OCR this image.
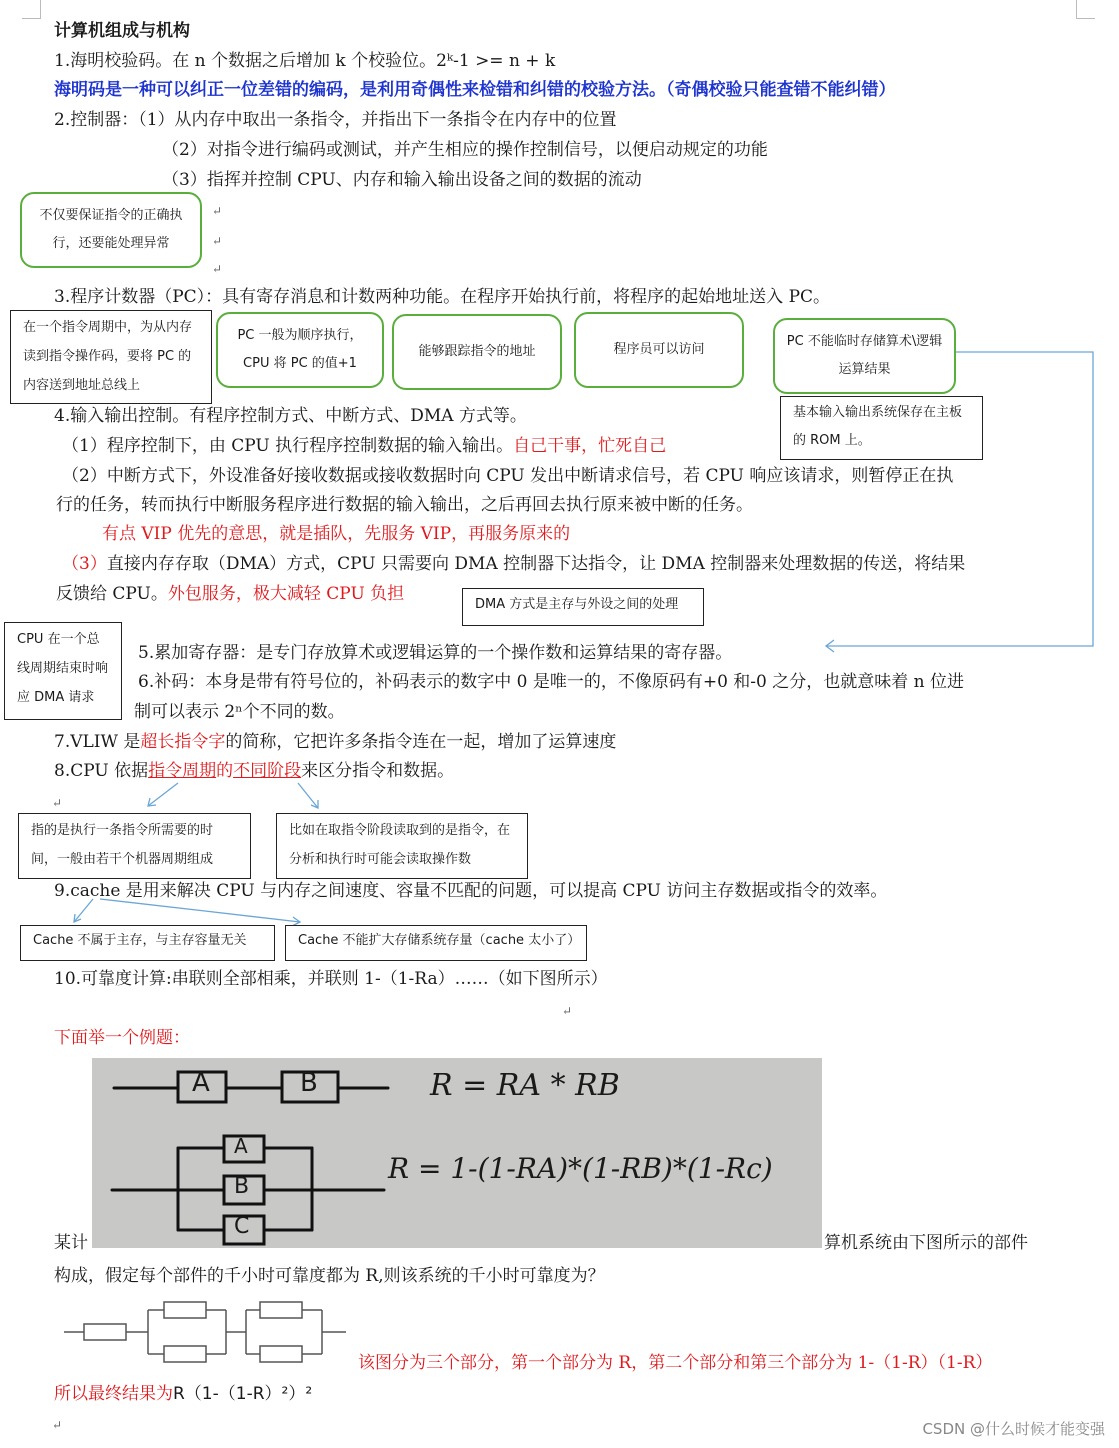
计算机组成与机构
1.海明校验码。在 n 个数据之后增加 k 个校验位。2ᵏ-1 >= n + k
海明码是一种可以纠正一位差错的编码，是利用奇偶性来检错和纠错的校验方法。（奇偶校验只能查错不能纠错）
2.控制器：（1）从内存中取出一条指令，并指出下一条指令在内存中的位置
（2）对指令进行编码或测试，并产生相应的操作控制信号，以便启动规定的功能
（3）指挥并控制 CPU、内存和输入输出设备之间的数据的流动
不仅要保证指令的正确执行，还要能处理异常
↵
↵
↵
3.程序计数器（PC）：具有寄存消息和计数两种功能。在程序开始执行前，将程序的起始地址送入 PC。
在一个指令周期中，为从内存读到指令操作码，要将 PC 的内容送到地址总线上
PC 一般为顺序执行，CPU 将 PC 的值+1
能够跟踪指令的地址	程序员可以访问
PC 不能临时存储算术\逻辑运算结果
基本输入输出系统保存在主板的 ROM 上。
4.输入输出控制。有程序控制方式、中断方式、DMA 方式等。
（1）程序控制下，由 CPU 执行程序控制数据的输入输出。自己干事，忙死自己
（2）中断方式下，外设准备好接收数据或接收数据时向 CPU 发出中断请求信号，若 CPU 响应该请求，则暂停正在执
行的任务，转而执行中断服务程序进行数据的输入输出，之后再回去执行原来被中断的任务。
有点 VIP 优先的意思，就是插队，先服务 VIP，再服务原来的
（3）直接内存存取（DMA）方式，CPU 只需要向 DMA 控制器下达指令，让 DMA 控制器来处理数据的传送，将结果
反馈给 CPU。外包服务，极大减轻 CPU 负担
DMA 方式是主存与外设之间的处理
CPU 在一个总线周期结束时响应 DMA 请求
5.累加寄存器：是专门存放算术或逻辑运算的一个操作数和运算结果的寄存器。
6.补码：本身是带有符号位的，补码表示的数字中 0 是唯一的，不像原码有+0 和-0 之分，也就意味着 n 位进
制可以表示 2ⁿ个不同的数。
7.VLIW 是超长指令字的简称，它把许多条指令连在一起，增加了运算速度
8.CPU 依据指令周期的不同阶段来区分指令和数据。
↵
指的是执行一条指令所需要的时间，一般由若干个机器周期组成
比如在取指令阶段读取到的是指令，在分析和执行时可能会读取操作数
9.cache 是用来解决 CPU 与内存之间速度、容量不匹配的问题，可以提高 CPU 访问主存数据或指令的效率。
Cache 不属于主存，与主存容量无关	Cache 不能扩大存储系统存量（cache 太小了）
10.可靠度计算:串联则全部相乘，并联则 1-（1-Ra）……（如下图所示）
↵
下面举一个例题：
A	B
A
B
C
R = RA * RB
R = 1-(1-RA)*(1-RB)*(1-Rc)
某计	算机系统由下图所示的部件
构成，假定每个部件的千小时可靠度都为 R,则该系统的千小时可靠度为？
该图分为三个部分，第一个部分为 R，第二个部分和第三个部分为 1-（1-R）（1-R）
所以最终结果为R（1-（1-R）²）²
↵	CSDN @什么时候才能变强
